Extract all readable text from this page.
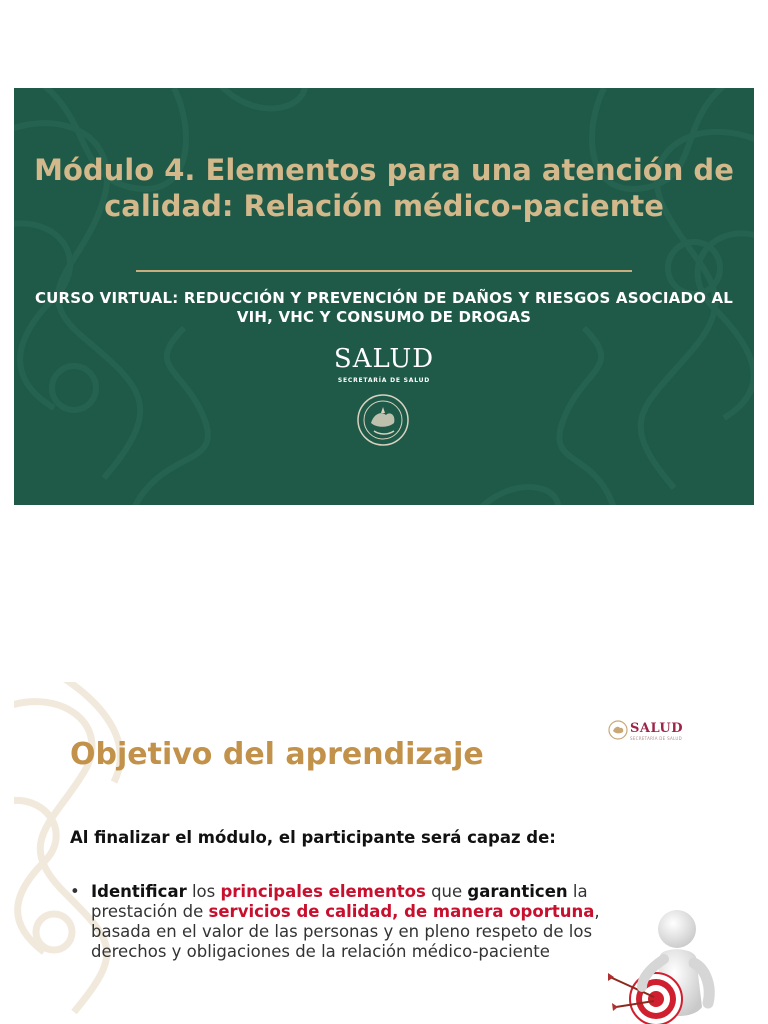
Módulo 4. Elementos para una atención de calidad: Relación médico-paciente
CURSO VIRTUAL: REDUCCIÓN Y PREVENCIÓN DE DAÑOS Y RIESGOS ASOCIADO AL VIH, VHC Y CONSUMO DE DROGAS
SALUD
SECRETARÍA DE SALUD
SALUD
SECRETARÍA DE SALUD
Objetivo del aprendizaje
Al finalizar el módulo, el participante será capaz de:
• Identificar los principales elementos que garanticen la prestación de servicios de calidad, de manera oportuna, basada en el valor de las personas y en pleno respeto de los derechos y obligaciones de la relación médico-paciente
